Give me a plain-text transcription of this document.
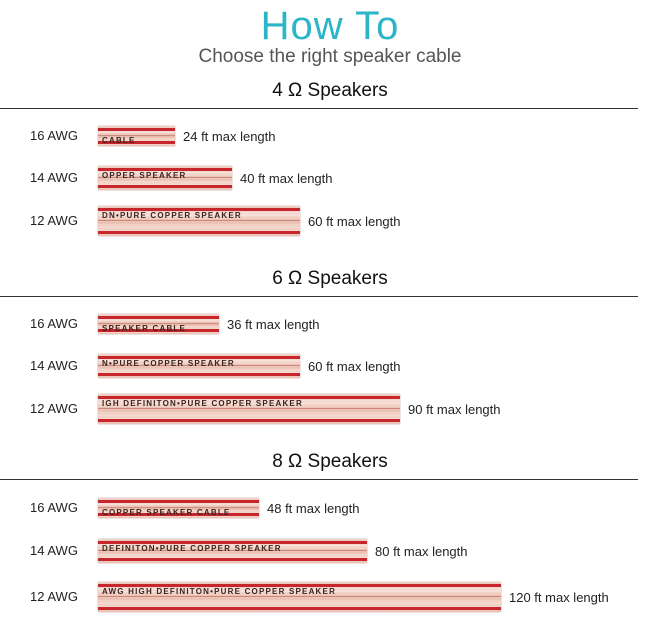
How To
Choose the right speaker cable
4 Ω Speakers
16 AWG	CABLE	24 ft max length
14 AWG	OPPER SPEAKER	40 ft max length
12 AWG	DN•PURE COPPER SPEAKER	60 ft max length
6 Ω Speakers
16 AWG	SPEAKER CABLE	36 ft max length
14 AWG	N•PURE COPPER SPEAKER	60 ft max length
12 AWG	IGH DEFINITON•PURE COPPER SPEAKER	90 ft max length
8 Ω Speakers
16 AWG	COPPER SPEAKER CABLE	48 ft max length
14 AWG	DEFINITON•PURE COPPER SPEAKER	80 ft max length
12 AWG	AWG HIGH DEFINITON•PURE COPPER SPEAKER	120 ft max length
